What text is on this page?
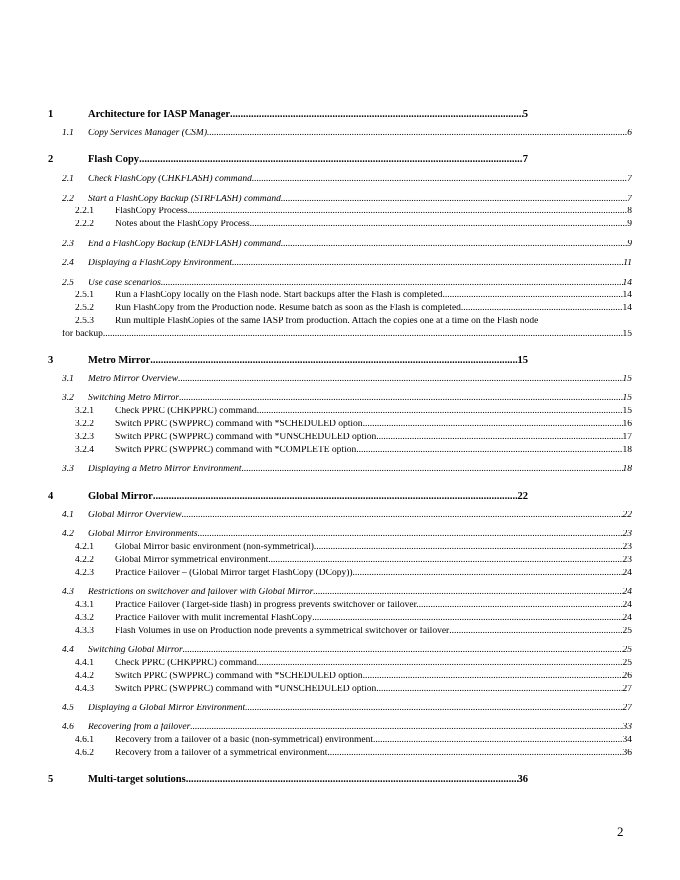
1	Architecture for IASP Manager .....	5
1.1	Copy Services Manager (CSM) .....	6
2	Flash Copy .....	7
2.1	Check FlashCopy (CHKFLASH) command .....	7
2.2	Start a FlashCopy Backup (STRFLASH) command .....	7
2.2.1	FlashCopy Process .....	8
2.2.2	Notes about the FlashCopy Process .....	9
2.3	End a FlashCopy Backup (ENDFLASH) command .....	9
2.4	Displaying a FlashCopy Environment .....	11
2.5	Use case scenarios .....	14
2.5.1	Run a FlashCopy locally on the Flash node. Start backups after the Flash is completed .....	14
2.5.2	Run FlashCopy from the Production node. Resume batch as soon as the Flash is completed. .....	14
2.5.3	Run multiple FlashCopies of the same IASP from production. Attach the copies one at a time on the Flash node
for backup. .....	15
3	Metro Mirror .....	15
3.1	Metro Mirror Overview .....	15
3.2	Switching Metro Mirror .....	15
3.2.1	Check PPRC (CHKPPRC) command .....	15
3.2.2	Switch PPRC (SWPPRC) command with *SCHEDULED option .....	16
3.2.3	Switch PPRC (SWPPRC) command with *UNSCHEDULED option .....	17
3.2.4	Switch PPRC (SWPPRC) command with *COMPLETE option .....	18
3.3	Displaying a Metro Mirror Environment .....	18
4	Global Mirror .....	22
4.1	Global Mirror Overview .....	22
4.2	Global Mirror Environments .....	23
4.2.1	Global Mirror basic environment (non-symmetrical) .....	23
4.2.2	Global Mirror symmetrical environment .....	23
4.2.3	Practice Failover – (Global Mirror target FlashCopy (DCopy)) .....	24
4.3	Restrictions on switchover and failover with Global Mirror .....	24
4.3.1	Practice Failover (Target-side flash) in progress prevents switchover or failover. .....	24
4.3.2	Practice Failover with mulit incremental FlashCopy .....	24
4.3.3	Flash Volumes in use on Production node prevents a symmetrical switchover or failover .....	25
4.4	Switching Global Mirror .....	25
4.4.1	Check PPRC (CHKPPRC) command .....	25
4.4.2	Switch PPRC (SWPPRC) command with *SCHEDULED option .....	26
4.4.3	Switch PPRC (SWPPRC) command with *UNSCHEDULED option .....	27
4.5	Displaying a Global Mirror Environment .....	27
4.6	Recovering from a failover .....	33
4.6.1	Recovery from a failover of a basic (non-symmetrical) environment .....	34
4.6.2	Recovery from a failover of a symmetrical environment .....	36
5	Multi-target solutions .....	36
2
